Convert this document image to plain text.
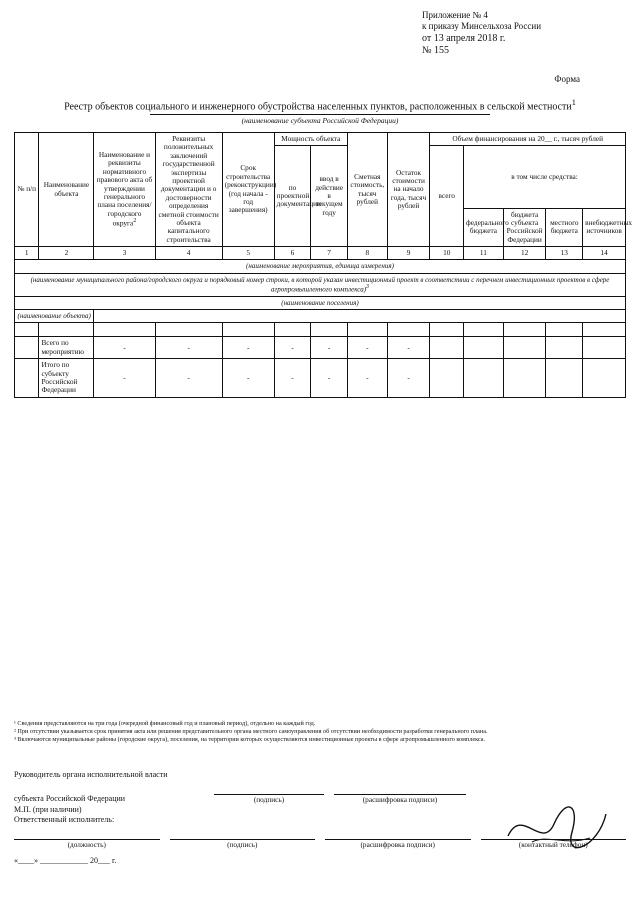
Приложение № 4
к приказу Минсельхоза России
от 13 апреля 2018 г.
№ 155
Форма
Реестр объектов социального и инженерного обустройства населенных пунктов, расположенных в сельской местности$^1$
(наименование субъекта Российской Федерации)
№ п/п	Наименование объекта	Наименование и реквизиты нормативного правового акта об утверждении генерального плана поселения/городского округа$^2$	Реквизиты положительных заключений государственной экспертизы проектной документации и о достоверности определения сметной стоимости объекта капитального строительства	Срок строительства (реконструкции) (год начала - год завершения)	Мощность объекта		Сметная стоимость, тысяч рублей	Остаток стоимости на начало года, тысяч рублей	Объем финансирования на 20__ г., тысяч рублей				
					по проектной документации	ввод в действие в текущем году			всего	в том числе средства:			
										федерального бюджета	бюджета субъекта Российской Федерации	местного бюджета	внебюджетных источников
1	2	3	4	5	6	7	8	9	10	11	12	13	14
(наименование мероприятия, единица измерения)													
(наименование муниципального района/городского округа и порядковый номер строки, в которой указан инвестиционный проект в соответствии с перечнем инвестиционных проектов в сфере агропромышленного комплекса)$^3$
(наименование поселения)													
(наименование объекта)													

	Всего по мероприятию	-	-	-	-	-	-	-					
	Итого по субъекту Российской Федерации	-	-	-	-	-	-	-					
¹ Сведения представляются на три года (очередной финансовый год и плановый период), отдельно на каждый год.
² При отсутствии указывается срок принятия акта или решения представительного органа местного самоуправления об отсутствии необходимости разработки генерального плана.
³ Включаются муниципальные районы (городские округа), поселения, на территории которых осуществляются инвестиционные проекты в сфере агропромышленного комплекса.
Руководитель органа исполнительной власти
субъекта Российской Федерации	(подпись)	(расшифровка подписи)
М.П. (при наличии)
Ответственный исполнитель:
(должность)	(подпись)	(расшифровка подписи)	(контактный телефон)
«____» ____________ 20___ г.
